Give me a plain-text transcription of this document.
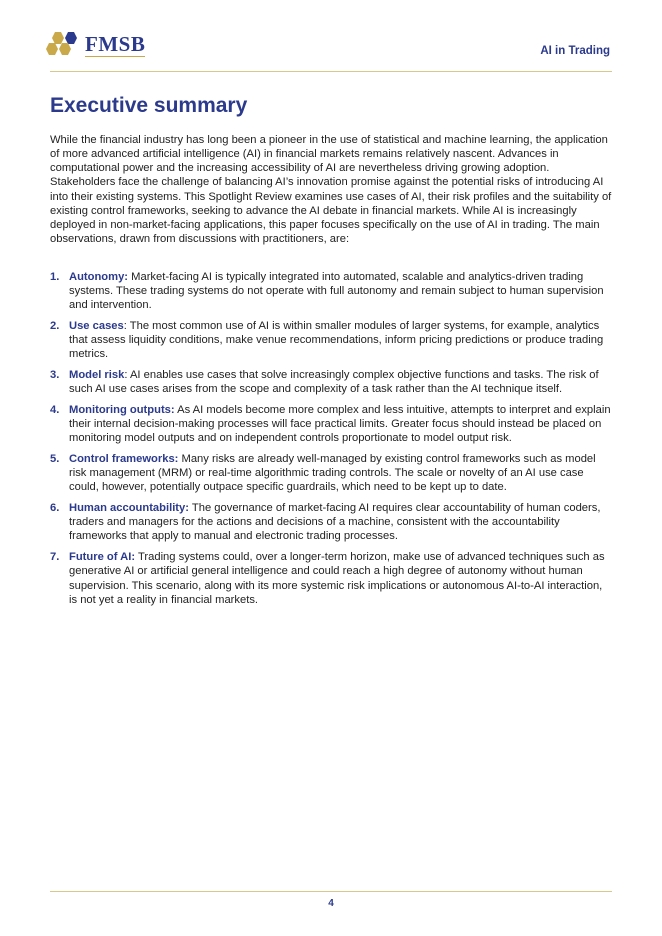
FMSB	AI in Trading
Executive summary

While the financial industry has long been a pioneer in the use of statistical and machine learning, the application of more advanced artificial intelligence (AI) in financial markets remains relatively nascent. Advances in computational power and the increasing accessibility of AI are nevertheless driving growing adoption. Stakeholders face the challenge of balancing AI’s innovation promise against the potential risks of introducing AI into their existing systems. This Spotlight Review examines use cases of AI, their risk profiles and the suitability of existing control frameworks, seeking to advance the AI debate in financial markets. While AI is increasingly deployed in non-market-facing applications, this paper focuses specifically on the use of AI in trading. The main observations, drawn from discussions with practitioners, are:

1. Autonomy: Market-facing AI is typically integrated into automated, scalable and analytics-driven trading systems. These trading systems do not operate with full autonomy and remain subject to human supervision and intervention.
2. Use cases: The most common use of AI is within smaller modules of larger systems, for example, analytics that assess liquidity conditions, make venue recommendations, inform pricing predictions or produce trading metrics.
3. Model risk: AI enables use cases that solve increasingly complex objective functions and tasks. The risk of such AI use cases arises from the scope and complexity of a task rather than the AI technique itself.
4. Monitoring outputs: As AI models become more complex and less intuitive, attempts to interpret and explain their internal decision-making processes will face practical limits. Greater focus should instead be placed on monitoring model outputs and on independent controls proportionate to model output risk.
5. Control frameworks: Many risks are already well-managed by existing control frameworks such as model risk management (MRM) or real-time algorithmic trading controls. The scale or novelty of an AI use case could, however, potentially outpace specific guardrails, which need to be kept up to date.
6. Human accountability: The governance of market-facing AI requires clear accountability of human coders, traders and managers for the actions and decisions of a machine, consistent with the accountability frameworks that apply to manual and electronic trading processes.
7. Future of AI: Trading systems could, over a longer-term horizon, make use of advanced techniques such as generative AI or artificial general intelligence and could reach a high degree of autonomy without human supervision. This scenario, along with its more systemic risk implications or autonomous AI-to-AI interaction, is not yet a reality in financial markets.
4
